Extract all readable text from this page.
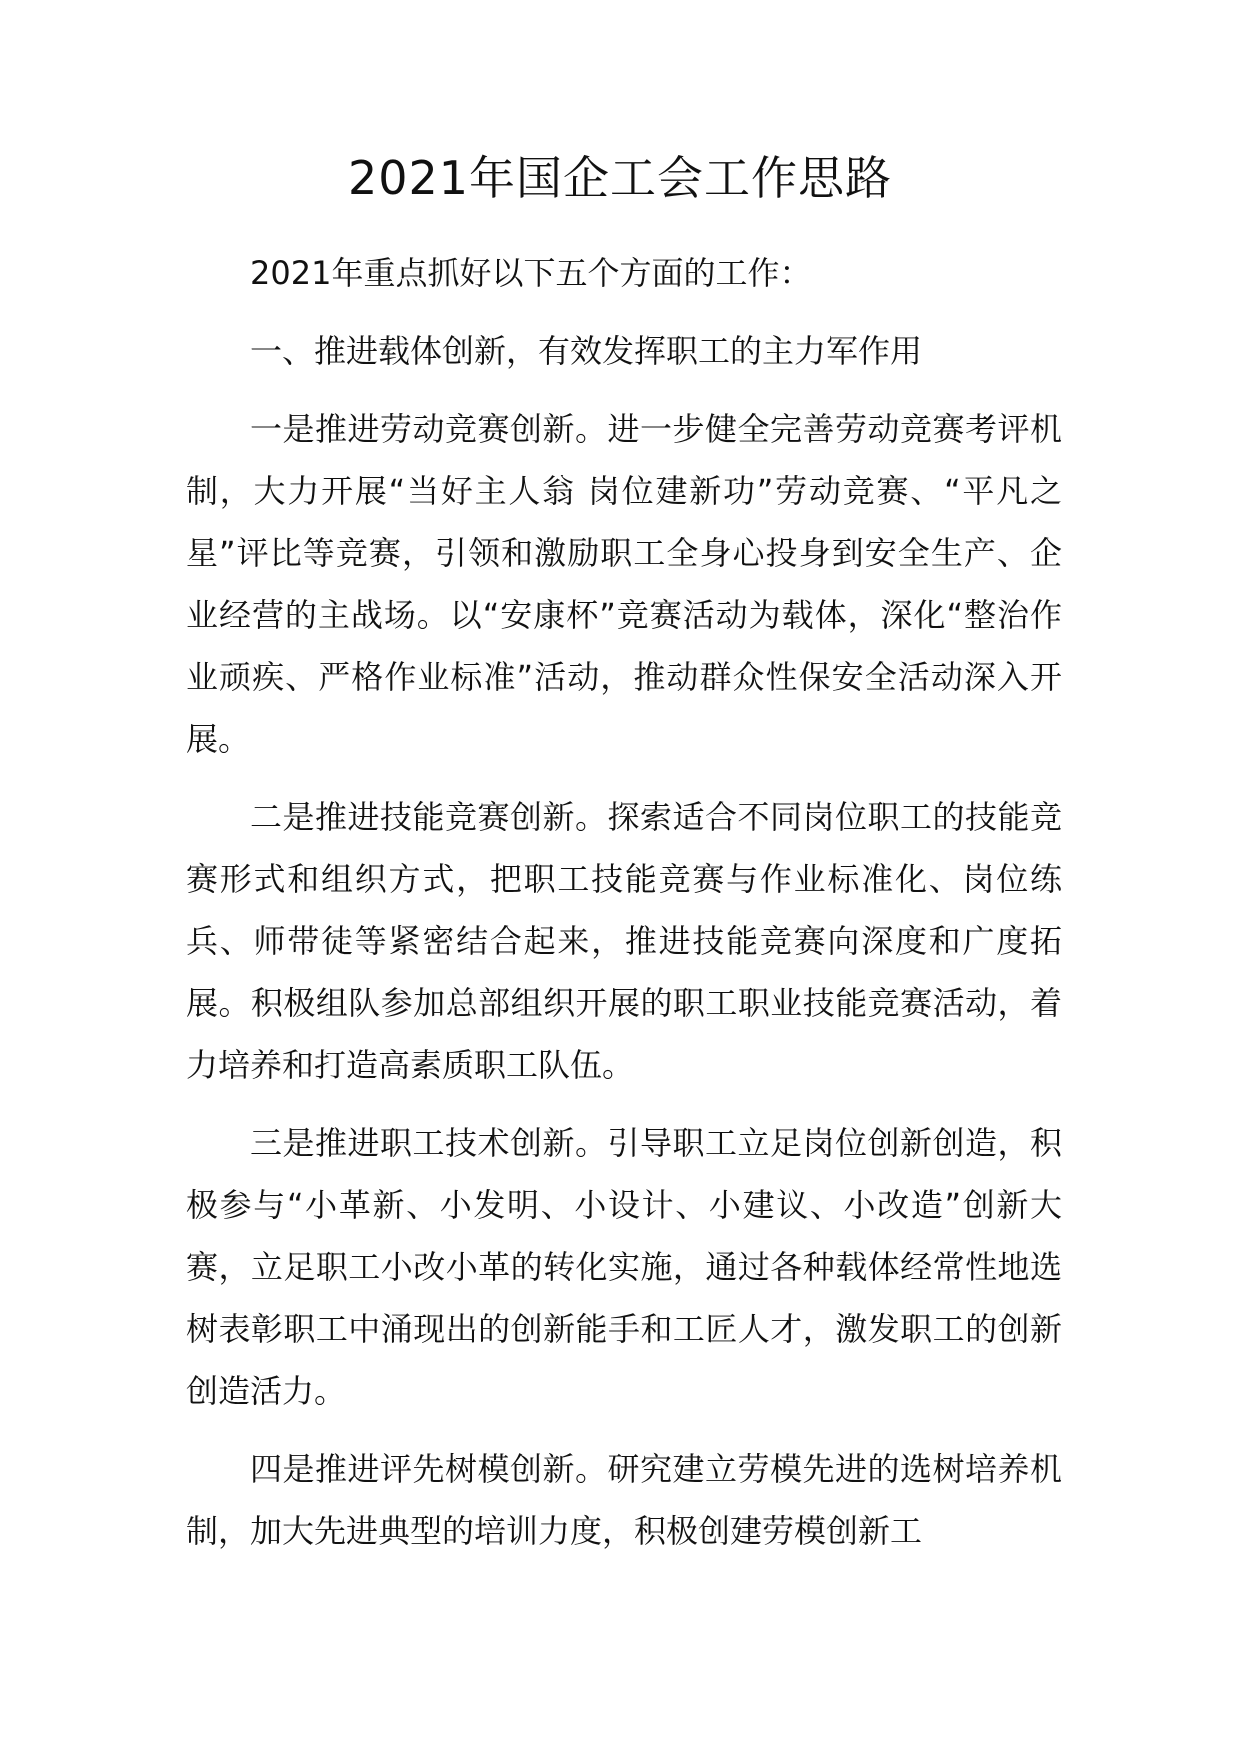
2021年国企工会工作思路

2021年重点抓好以下五个方面的工作：

一、推进载体创新，有效发挥职工的主力军作用

一是推进劳动竞赛创新。进一步健全完善劳动竞赛考评机制，大力开展“当好主人翁 岗位建新功”劳动竞赛、“平凡之星”评比等竞赛，引领和激励职工全身心投身到安全生产、企业经营的主战场。以“安康杯”竞赛活动为载体，深化“整治作业顽疾、严格作业标准”活动，推动群众性保安全活动深入开展。

二是推进技能竞赛创新。探索适合不同岗位职工的技能竞赛形式和组织方式，把职工技能竞赛与作业标准化、岗位练兵、师带徒等紧密结合起来，推进技能竞赛向深度和广度拓展。积极组队参加总部组织开展的职工职业技能竞赛活动，着力培养和打造高素质职工队伍。

三是推进职工技术创新。引导职工立足岗位创新创造，积极参与“小革新、小发明、小设计、小建议、小改造”创新大赛，立足职工小改小革的转化实施，通过各种载体经常性地选树表彰职工中涌现出的创新能手和工匠人才，激发职工的创新创造活力。

四是推进评先树模创新。研究建立劳模先进的选树培养机制，加大先进典型的培训力度，积极创建劳模创新工
